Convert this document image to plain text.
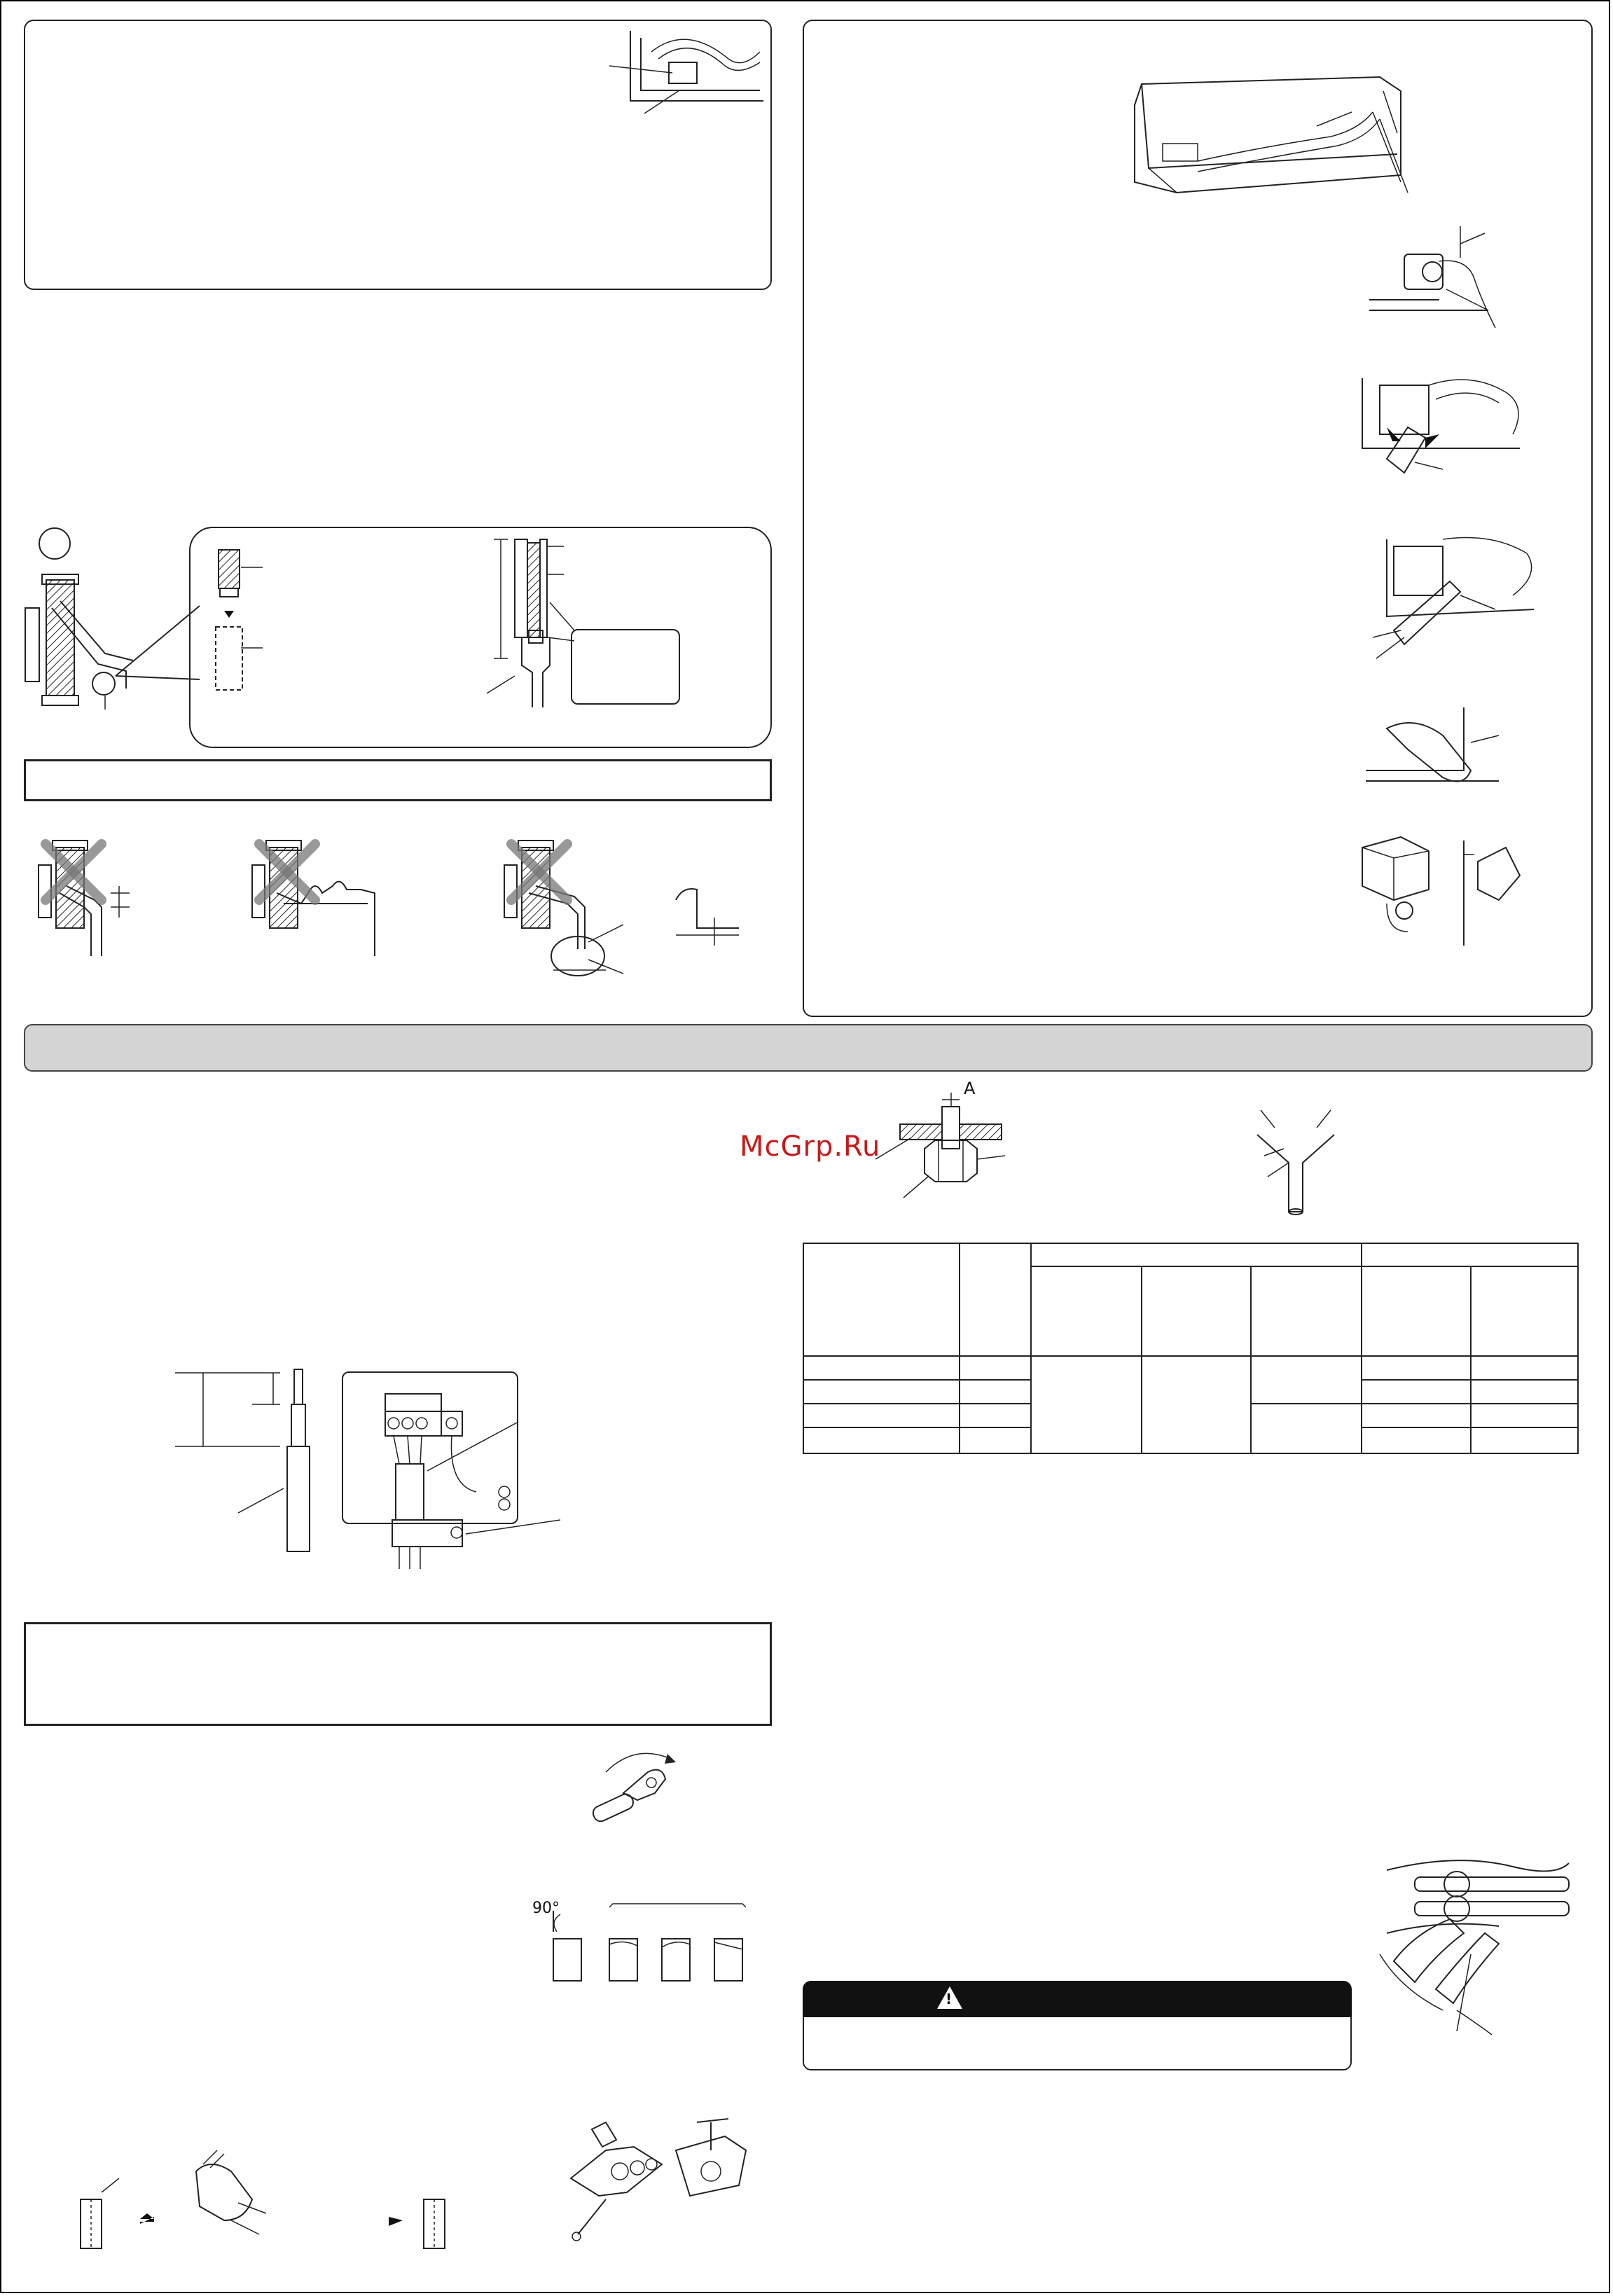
McGrp.Ru
90°
A
!
